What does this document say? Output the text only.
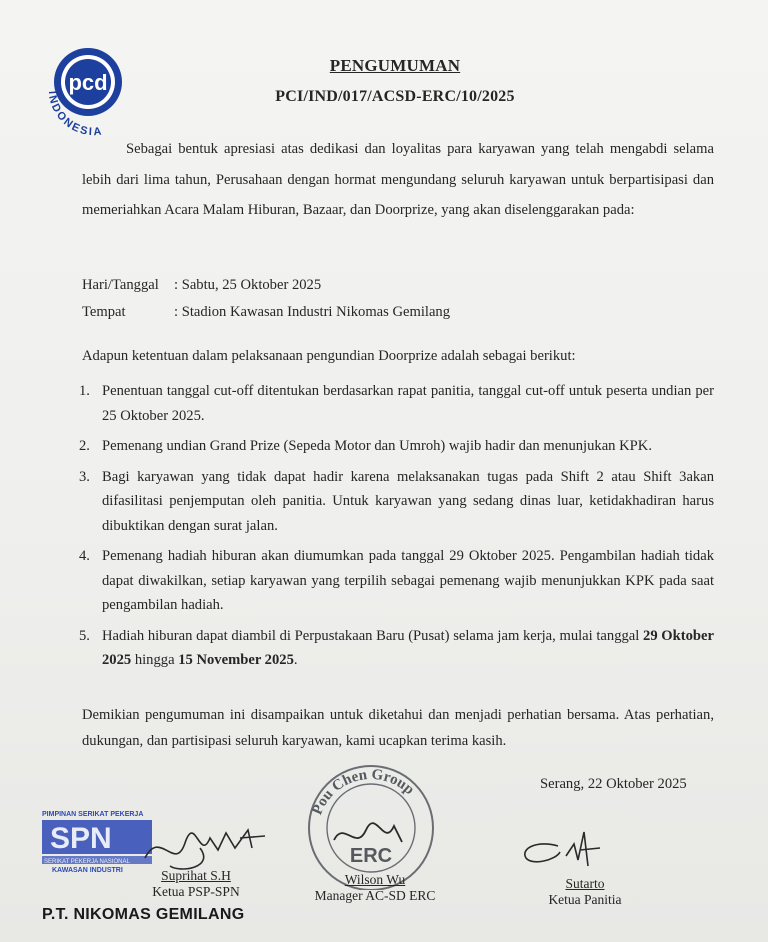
pcd
INDONESIA
PENGUMUMAN
PCI/IND/017/ACSD-ERC/10/2025
Sebagai bentuk apresiasi atas dedikasi dan loyalitas para karyawan yang telah mengabdi selama lebih dari lima tahun, Perusahaan dengan hormat mengundang seluruh karyawan untuk berpartisipasi dan memeriahkan Acara Malam Hiburan, Bazaar, dan Doorprize, yang akan diselenggarakan pada:
Hari/Tanggal : Sabtu, 25 Oktober 2025
Tempat	: Stadion Kawasan Industri Nikomas Gemilang
Adapun ketentuan dalam pelaksanaan pengundian Doorprize adalah sebagai berikut:
1. Penentuan tanggal cut-off ditentukan berdasarkan rapat panitia, tanggal cut-off untuk peserta undian per 25 Oktober 2025.
2. Pemenang undian Grand Prize (Sepeda Motor dan Umroh) wajib hadir dan menunjukan KPK.
3. Bagi karyawan yang tidak dapat hadir karena melaksanakan tugas pada Shift 2 atau Shift 3akan difasilitasi penjemputan oleh panitia. Untuk karyawan yang sedang dinas luar, ketidakhadiran harus dibuktikan dengan surat jalan.
4. Pemenang hadiah hiburan akan diumumkan pada tanggal 29 Oktober 2025. Pengambilan hadiah tidak dapat diwakilkan, setiap karyawan yang terpilih sebagai pemenang wajib menunjukkan KPK pada saat pengambilan hadiah.
5. Hadiah hiburan dapat diambil di Perpustakaan Baru (Pusat) selama jam kerja, mulai tanggal 29 Oktober 2025 hingga 15 November 2025.
Demikian pengumuman ini disampaikan untuk diketahui dan menjadi perhatian bersama. Atas perhatian, dukungan, dan partisipasi seluruh karyawan, kami ucapkan terima kasih.
Serang, 22 Oktober 2025
PIMPINAN SERIKAT PEKERJA
SPN
SERIKAT PEKERJA NASIONAL
KAWASAN INDUSTRI	Suprihat S.H
Ketua PSP-SPN
Pou Chen Group
ERC
Wilson Wu
Manager AC-SD ERC
Sutarto
Ketua Panitia
P.T. NIKOMAS GEMILANG
